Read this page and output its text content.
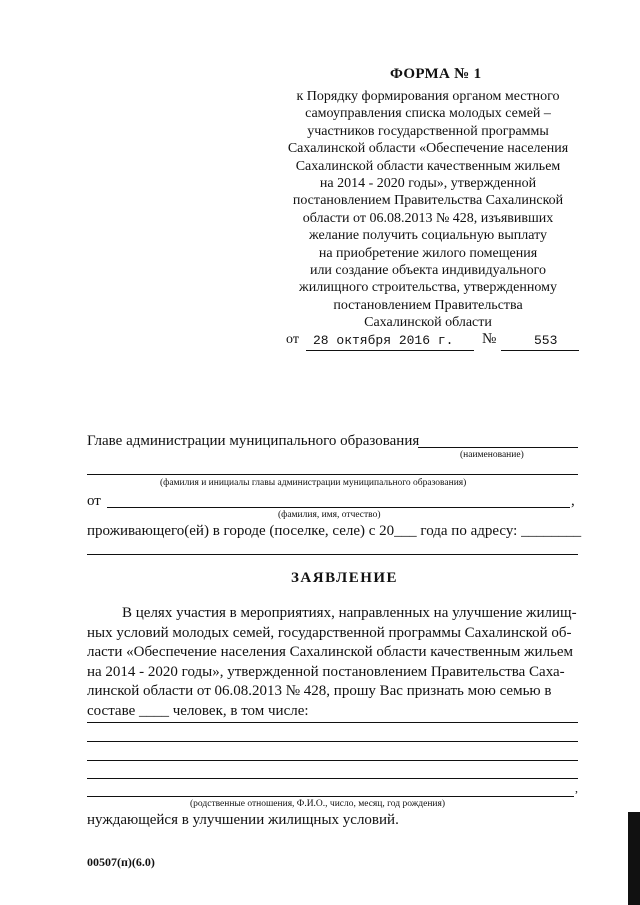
ФОРМА № 1
к Порядку формирования органом местного
самоуправления списка молодых семей –
участников государственной программы
Сахалинской области «Обеспечение населения
Сахалинской области качественным жильем
на 2014 - 2020 годы», утвержденной
постановлением Правительства Сахалинской
области от 06.08.2013 № 428, изъявивших
желание получить социальную выплату
на приобретение жилого помещения
или создание объекта индивидуального
жилищного строительства, утвержденному
постановлением Правительства
Сахалинской области
от 28 октября 2016 г. №	553
Главе администрации муниципального образования
(наименование)
(фамилия и инициалы главы администрации муниципального образования)
от	,
(фамилия, имя, отчество)
проживающего(ей) в городе (поселке, селе) с 20___ года по адресу: ________
ЗАЯВЛЕНИЕ
В целях участия в мероприятиях, направленных на улучшение жилищ-
ных условий молодых семей, государственной программы Сахалинской об-
ласти «Обеспечение населения Сахалинской области качественным жильем
на 2014 - 2020 годы», утвержденной постановлением Правительства Саха-
линской области от 06.08.2013 № 428, прошу Вас признать мою семью в
составе ____ человек, в том числе:
,
(родственные отношения, Ф.И.О., число, месяц, год рождения)
нуждающейся в улучшении жилищных условий.
00507(п)(6.0)
